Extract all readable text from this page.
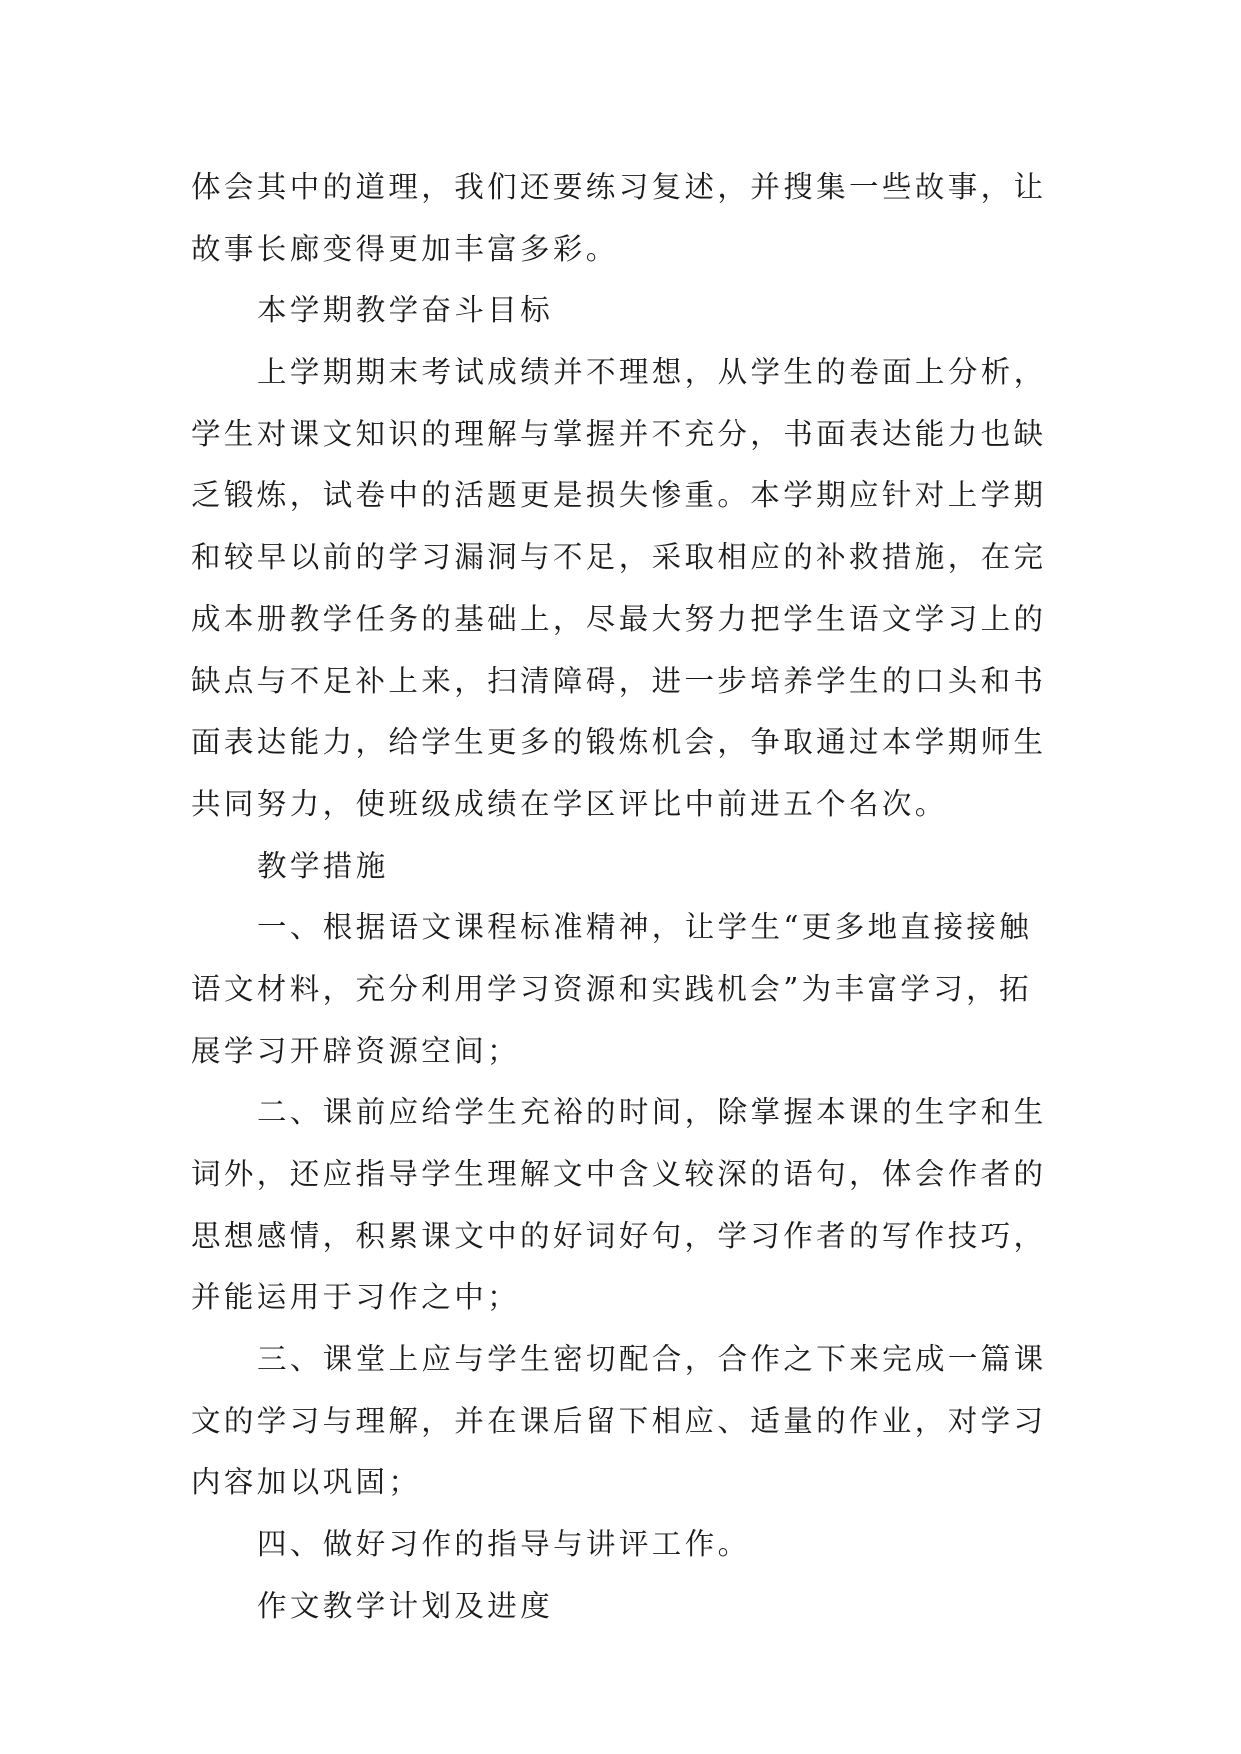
体会其中的道理，我们还要练习复述，并搜集一些故事，让
故事长廊变得更加丰富多彩。
本学期教学奋斗目标
上学期期末考试成绩并不理想，从学生的卷面上分析，
学生对课文知识的理解与掌握并不充分，书面表达能力也缺
乏锻炼，试卷中的活题更是损失惨重。本学期应针对上学期
和较早以前的学习漏洞与不足，采取相应的补救措施，在完
成本册教学任务的基础上，尽最大努力把学生语文学习上的
缺点与不足补上来，扫清障碍，进一步培养学生的口头和书
面表达能力，给学生更多的锻炼机会，争取通过本学期师生
共同努力，使班级成绩在学区评比中前进五个名次。
教学措施
一、根据语文课程标准精神，让学生“更多地直接接触
语文材料，充分利用学习资源和实践机会”为丰富学习，拓
展学习开辟资源空间；
二、课前应给学生充裕的时间，除掌握本课的生字和生
词外，还应指导学生理解文中含义较深的语句，体会作者的
思想感情，积累课文中的好词好句，学习作者的写作技巧，
并能运用于习作之中；
三、课堂上应与学生密切配合，合作之下来完成一篇课
文的学习与理解，并在课后留下相应、适量的作业，对学习
内容加以巩固；
四、做好习作的指导与讲评工作。
作文教学计划及进度
